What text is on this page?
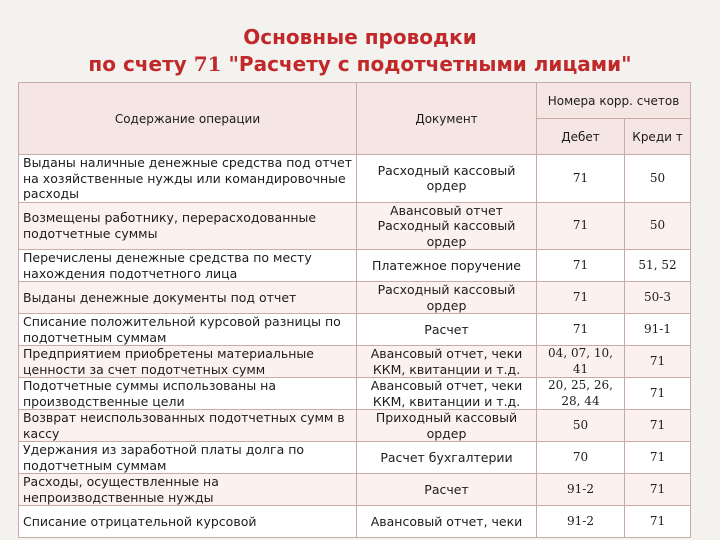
Основные проводки
по счету 71 "Расчету с подотчетными лицами"
Содержание операции	Документ	Номера корр. счетов	
		Дебет	Креди т
Выданы наличные денежные средства под отчет на хозяйственные нужды или командировочные расходы	Расходный кассовый ордер	71	50
Возмещены работнику, перерасходованные подотчетные суммы	Авансовый отчет Расходный кассовый ордер	71	50
Перечислены денежные средства по месту нахождения подотчетного лица	Платежное поручение	71	51, 52
Выданы денежные документы под отчет	Расходный кассовый ордер	71	50-3
Списание положительной курсовой разницы по подотчетным суммам	Расчет	71	91-1
Предприятием приобретены материальные ценности за счет подотчетных сумм	Авансовый отчет, чеки ККМ, квитанции и т.д.	04, 07, 10, 41	71
Подотчетные суммы использованы на производственные цели	Авансовый отчет, чеки ККМ, квитанции и т.д.	20, 25, 26, 28, 44	71
Возврат неиспользованных подотчетных сумм в кассу	Приходный кассовый ордер	50	71
Удержания из заработной платы долга по подотчетным суммам	Расчет бухгалтерии	70	71
Расходы, осуществленные на непроизводственные нужды	Расчет	91-2	71
Списание отрицательной курсовой	Авансовый отчет, чеки	91-2	71
